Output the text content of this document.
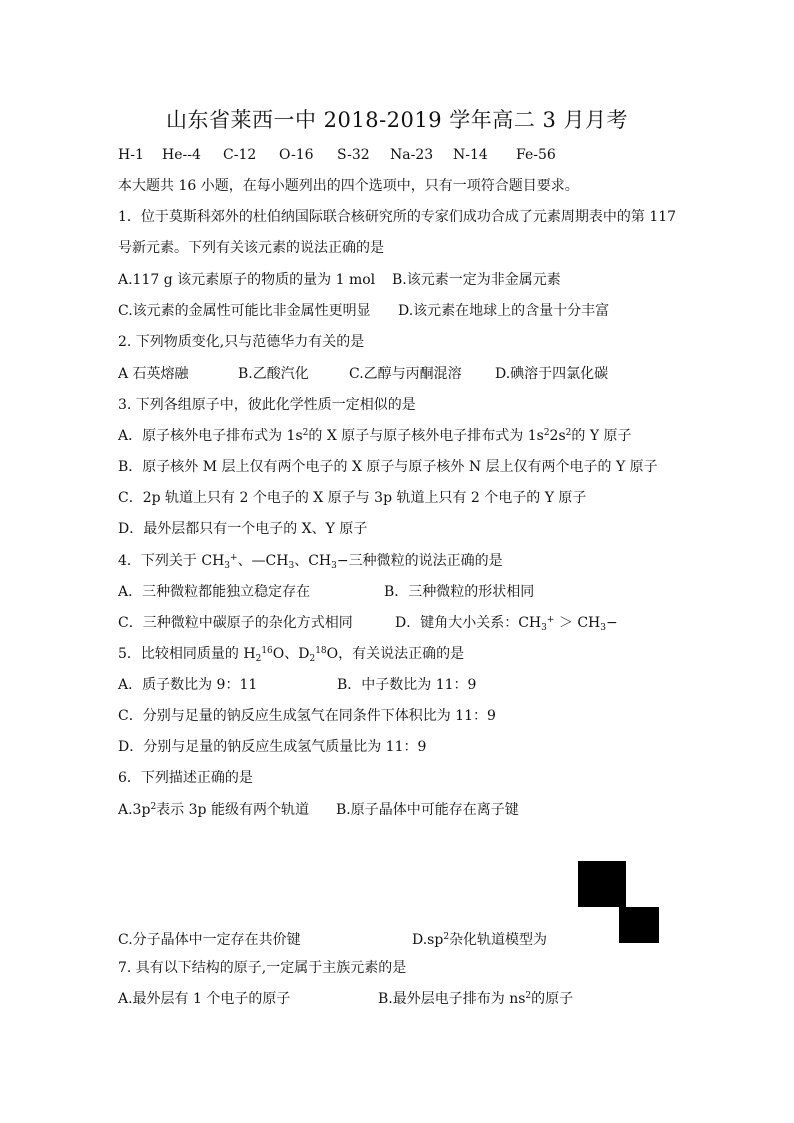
山东省莱西一中 2018-2019 学年高二 3 月月考
H-1 He--4 C-12 O-16 S-32 Na-23 N-14 Fe-56
本大题共 16 小题，在每小题列出的四个选项中，只有一项符合题目要求。
1．位于莫斯科郊外的杜伯纳国际联合核研究所的专家们成功合成了元素周期表中的第 117
号新元素。下列有关该元素的说法正确的是
A.117 g 该元素原子的物质的量为 1 mol B.该元素一定为非金属元素
C.该元素的金属性可能比非金属性更明显 D.该元素在地球上的含量十分丰富
2. 下列物质变化,只与范德华力有关的是
A 石英熔融	B.乙酸汽化	C.乙醇与丙酮混溶 D.碘溶于四氯化碳
3. 下列各组原子中，彼此化学性质一定相似的是
A．原子核外电子排布式为 $1s^2$的 X 原子与原子核外电子排布式为 $1s^22s^2$的 Y 原子
B．原子核外 M 层上仅有两个电子的 X 原子与原子核外 N 层上仅有两个电子的 Y 原子
C．2p 轨道上只有 2 个电子的 X 原子与 3p 轨道上只有 2 个电子的 Y 原子
D．最外层都只有一个电子的 X、Y 原子
4．下列关于 $CH_3^+$、$—CH_3$、$CH_3-$三种微粒的说法正确的是
A．三种微粒都能独立稳定存在	B．三种微粒的形状相同
C．三种微粒中碳原子的杂化方式相同	D．键角大小关系：$CH_3^+ > CH_3-$
5．比较相同质量的 $H_2^{16}O$、$D_2^{18}O$，有关说法正确的是
A．质子数比为 9：11	B．中子数比为 11：9
C．分别与足量的钠反应生成氢气在同条件下体积比为 11：9
D．分别与足量的钠反应生成氢气质量比为 11：9
6．下列描述正确的是
$A.3p^2$表示 3p 能级有两个轨道 B.原子晶体中可能存在离子键
C.分子晶体中一定存在共价键	$D.sp^2$杂化轨道模型为
7. 具有以下结构的原子,一定属于主族元素的是
A.最外层有 1 个电子的原子	B.最外层电子排布为 $ns^2$的原子
